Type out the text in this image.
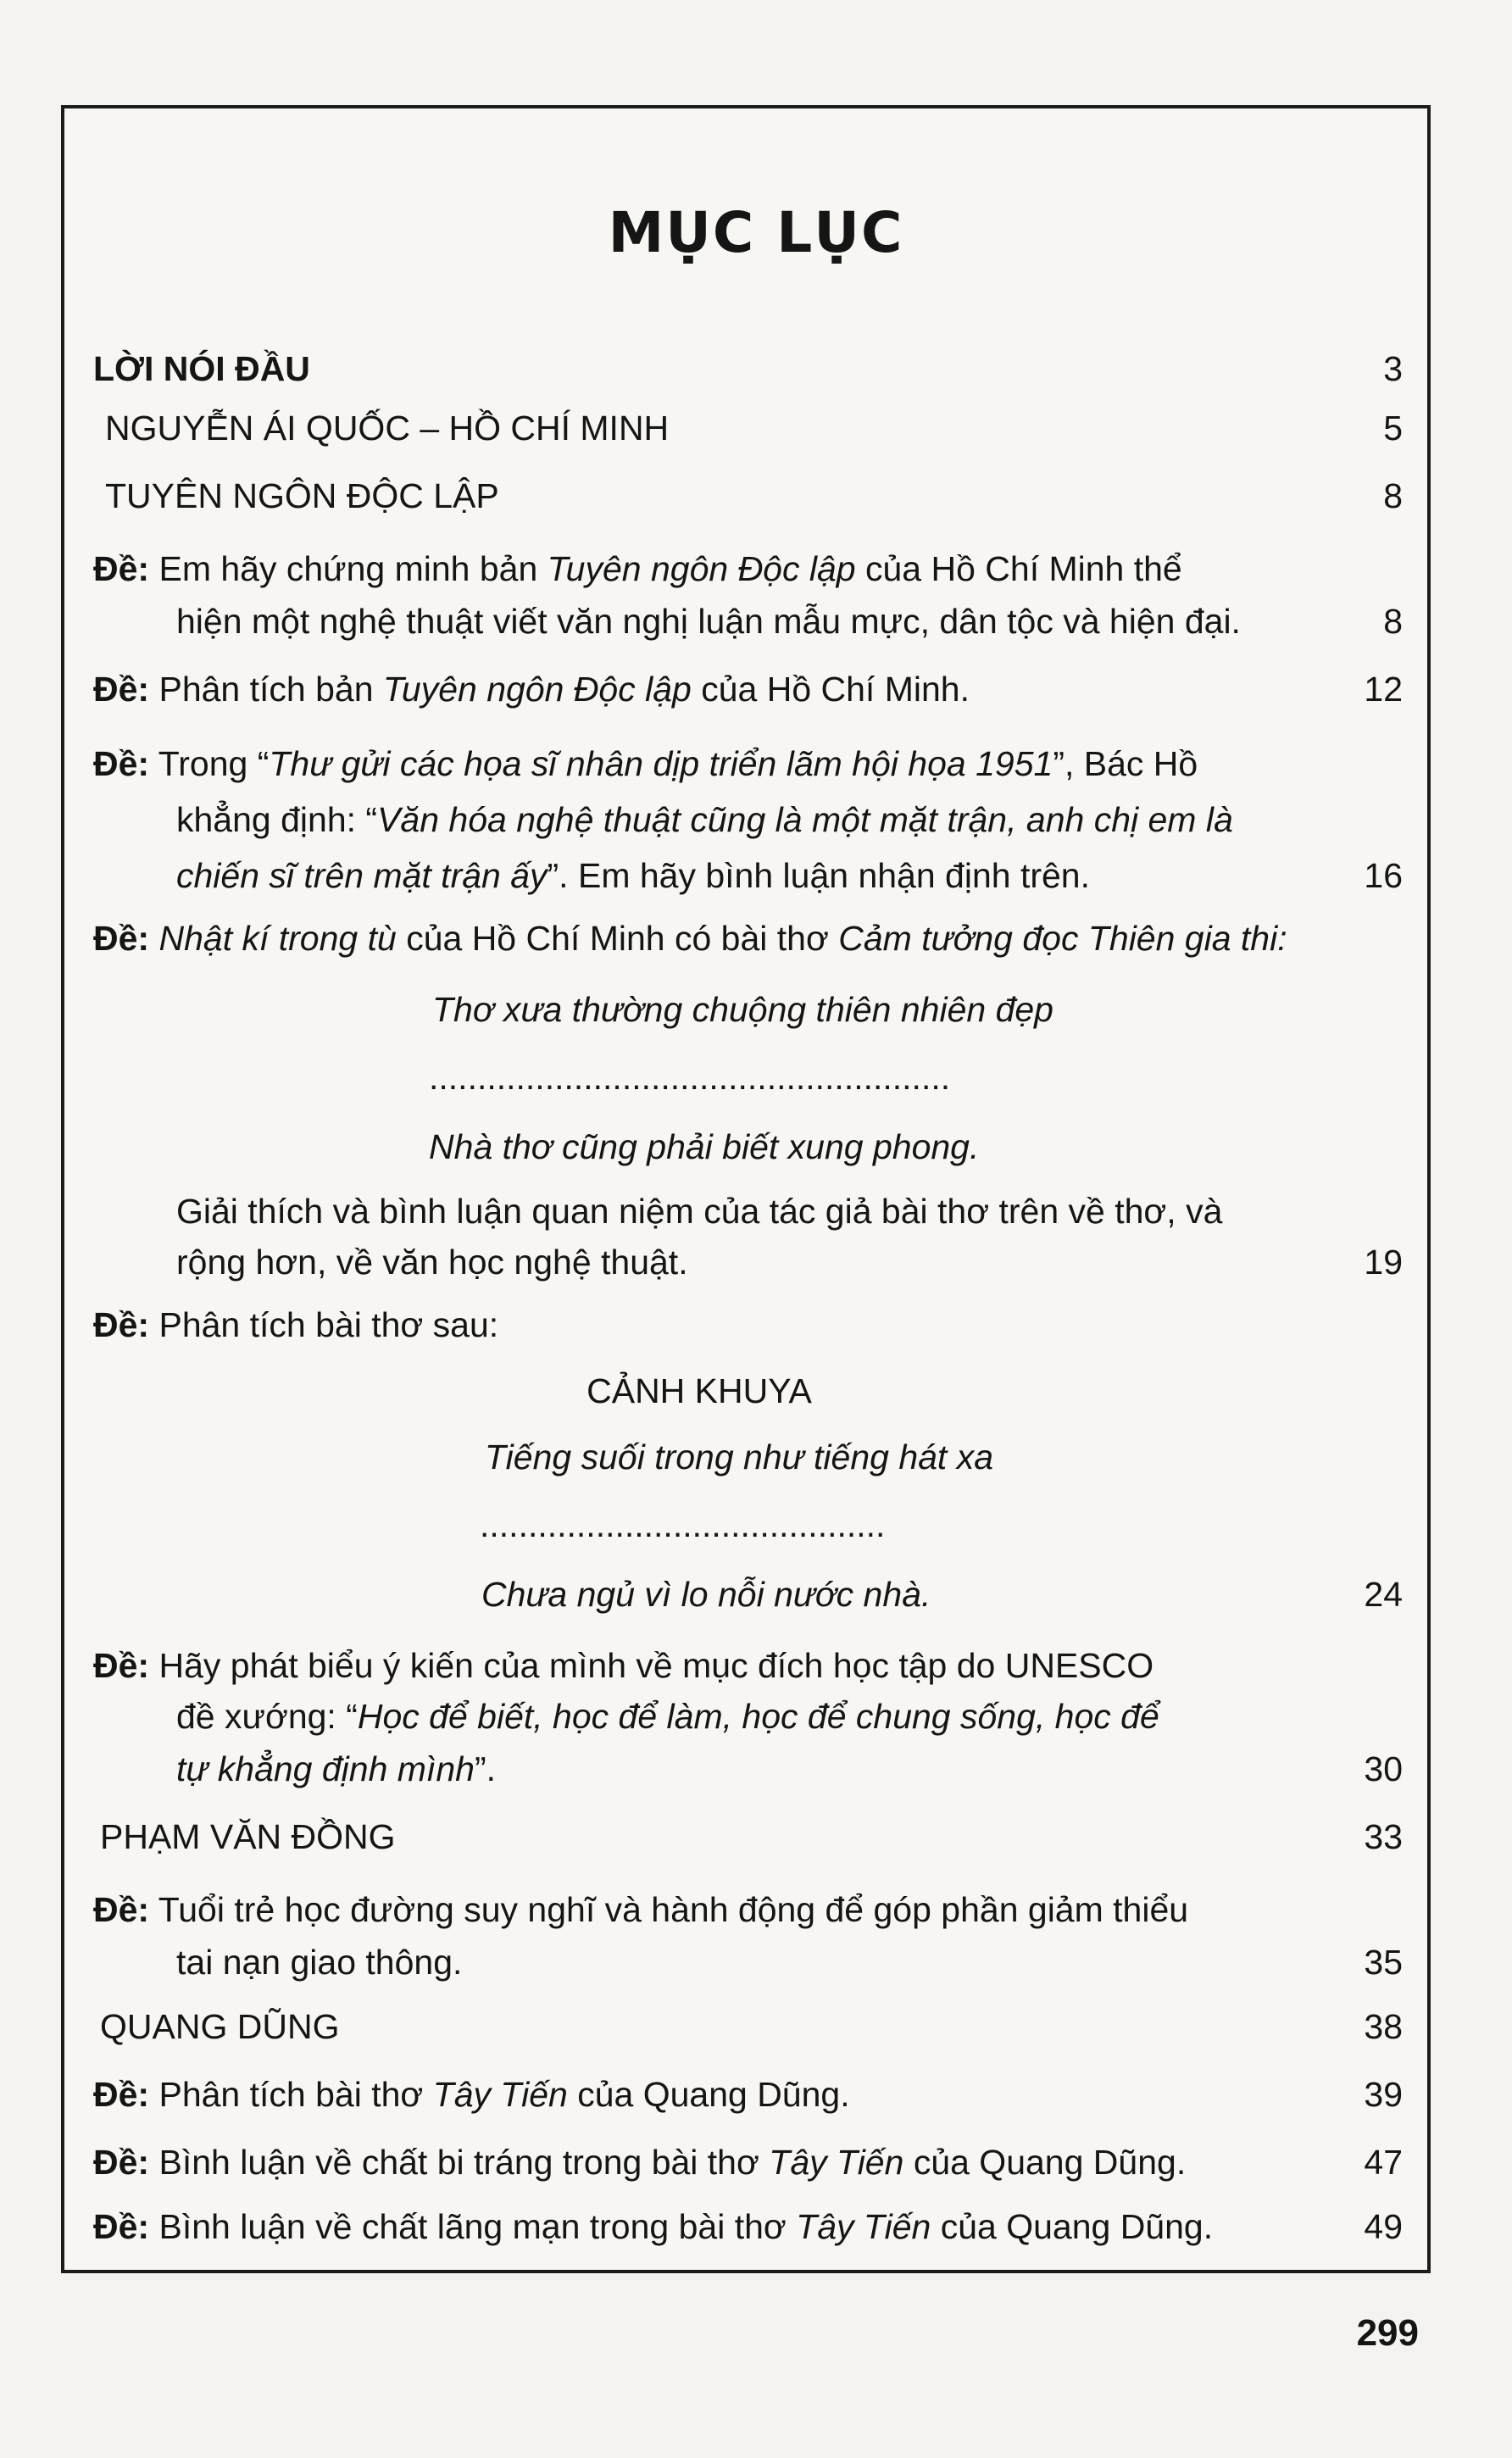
MỤC LỤC
LỜI NÓI ĐẦU	3
NGUYỄN ÁI QUỐC – HỒ CHÍ MINH	5
TUYÊN NGÔN ĐỘC LẬP	8
Đề: Em hãy chứng minh bản Tuyên ngôn Độc lập của Hồ Chí Minh thể
hiện một nghệ thuật viết văn nghị luận mẫu mực, dân tộc và hiện đại.	8
Đề: Phân tích bản Tuyên ngôn Độc lập của Hồ Chí Minh.	12
Đề: Trong “Thư gửi các họa sĩ nhân dịp triển lãm hội họa 1951”, Bác Hồ
khẳng định: “Văn hóa nghệ thuật cũng là một mặt trận, anh chị em là
chiến sĩ trên mặt trận ấy”. Em hãy bình luận nhận định trên.	16
Đề: Nhật kí trong tù của Hồ Chí Minh có bài thơ Cảm tưởng đọc Thiên gia thi:
Thơ xưa thường chuộng thiên nhiên đẹp
......................................................
Nhà thơ cũng phải biết xung phong.
Giải thích và bình luận quan niệm của tác giả bài thơ trên về thơ, và
rộng hơn, về văn học nghệ thuật.	19
Đề: Phân tích bài thơ sau:
CẢNH KHUYA
Tiếng suối trong như tiếng hát xa
..........................................
Chưa ngủ vì lo nỗi nước nhà.	24
Đề: Hãy phát biểu ý kiến của mình về mục đích học tập do UNESCO
đề xướng: “Học để biết, học để làm, học để chung sống, học để
tự khẳng định mình”.	30
PHẠM VĂN ĐỒNG	33
Đề: Tuổi trẻ học đường suy nghĩ và hành động để góp phần giảm thiểu
tai nạn giao thông.	35
QUANG DŨNG	38
Đề: Phân tích bài thơ Tây Tiến của Quang Dũng.	39
Đề: Bình luận về chất bi tráng trong bài thơ Tây Tiến của Quang Dũng.	47
Đề: Bình luận về chất lãng mạn trong bài thơ Tây Tiến của Quang Dũng.	49
299
